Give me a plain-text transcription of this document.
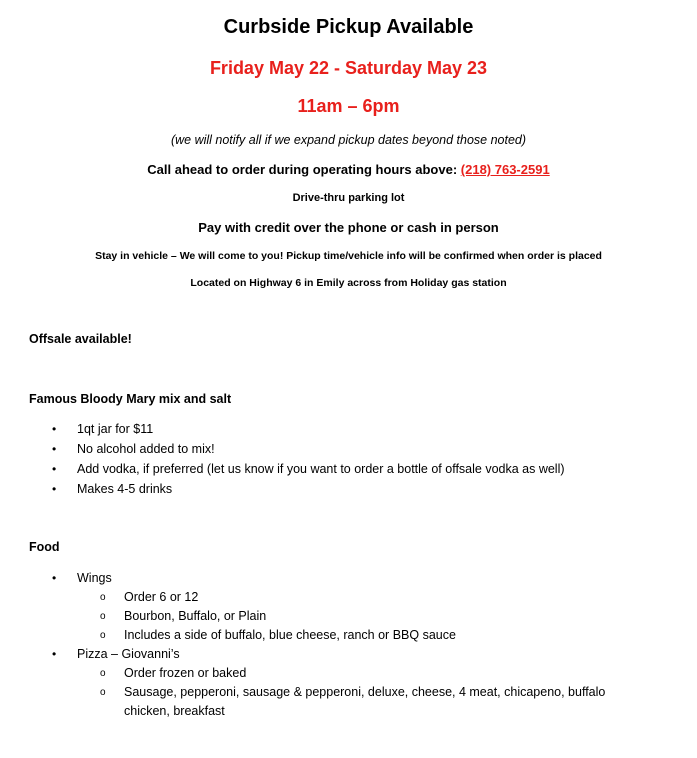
Curbside Pickup Available
Friday May 22 - Saturday May 23
11am – 6pm
(we will notify all if we expand pickup dates beyond those noted)
Call ahead to order during operating hours above: (218) 763-2591
Drive-thru parking lot
Pay with credit over the phone or cash in person
Stay in vehicle – We will come to you! Pickup time/vehicle info will be confirmed when order is placed
Located on Highway 6 in Emily across from Holiday gas station
Offsale available!
Famous Bloody Mary mix and salt
• 1qt jar for $11
• No alcohol added to mix!
• Add vodka, if preferred (let us know if you want to order a bottle of offsale vodka as well)
• Makes 4-5 drinks
Food
• Wings
o Order 6 or 12
o Bourbon, Buffalo, or Plain
o Includes a side of buffalo, blue cheese, ranch or BBQ sauce
• Pizza – Giovanni’s
o Order frozen or baked
o Sausage, pepperoni, sausage & pepperoni, deluxe, cheese, 4 meat, chicapeno, buffalo
chicken, breakfast
